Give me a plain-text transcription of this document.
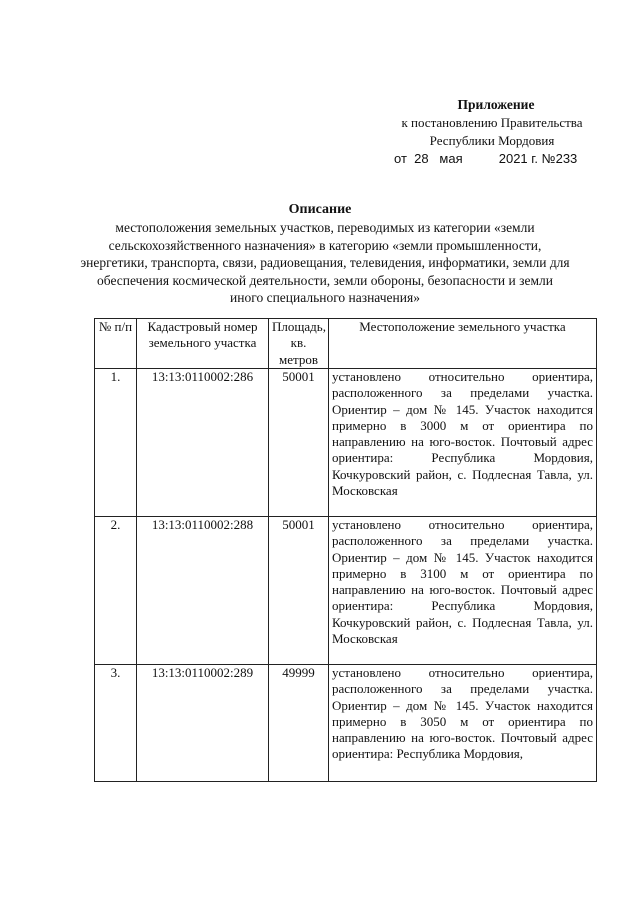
Приложение
к постановлению Правительства
Республики Мордовия
от  28   мая          2021 г. №233
Описание
местоположения земельных участков, переводимых из категории «земли сельскохозяйственного назначения» в категорию «земли промышленности, энергетики, транспорта, связи, радиовещания, телевидения, информатики, земли для обеспечения космической деятельности, земли обороны, безопасности и земли иного специального назначения»
№ п/п	Кадастровый номер земельного участка	Площадь, кв. метров	Местоположение земельного участка
1.	13:13:0110002:286	50001	установлено относительно ориентира, расположенного за пределами участка. Ориентир – дом № 145. Участок находится примерно в 3000 м от ориентира по направлению на юго-восток. Почтовый адрес ориентира: Республика Мордовия, Кочкуровский район, с. Подлесная Тавла, ул. Московская
2.	13:13:0110002:288	50001	установлено относительно ориентира, расположенного за пределами участка. Ориентир – дом № 145. Участок находится примерно в 3100 м от ориентира по направлению на юго-восток. Почтовый адрес ориентира: Республика Мордовия, Кочкуровский район, с. Подлесная Тавла, ул. Московская
3.	13:13:0110002:289	49999	установлено относительно ориентира, расположенного за пределами участка. Ориентир – дом № 145. Участок находится примерно в 3050 м от ориентира по направлению на юго-восток. Почтовый адрес ориентира: Республика Мордовия,
